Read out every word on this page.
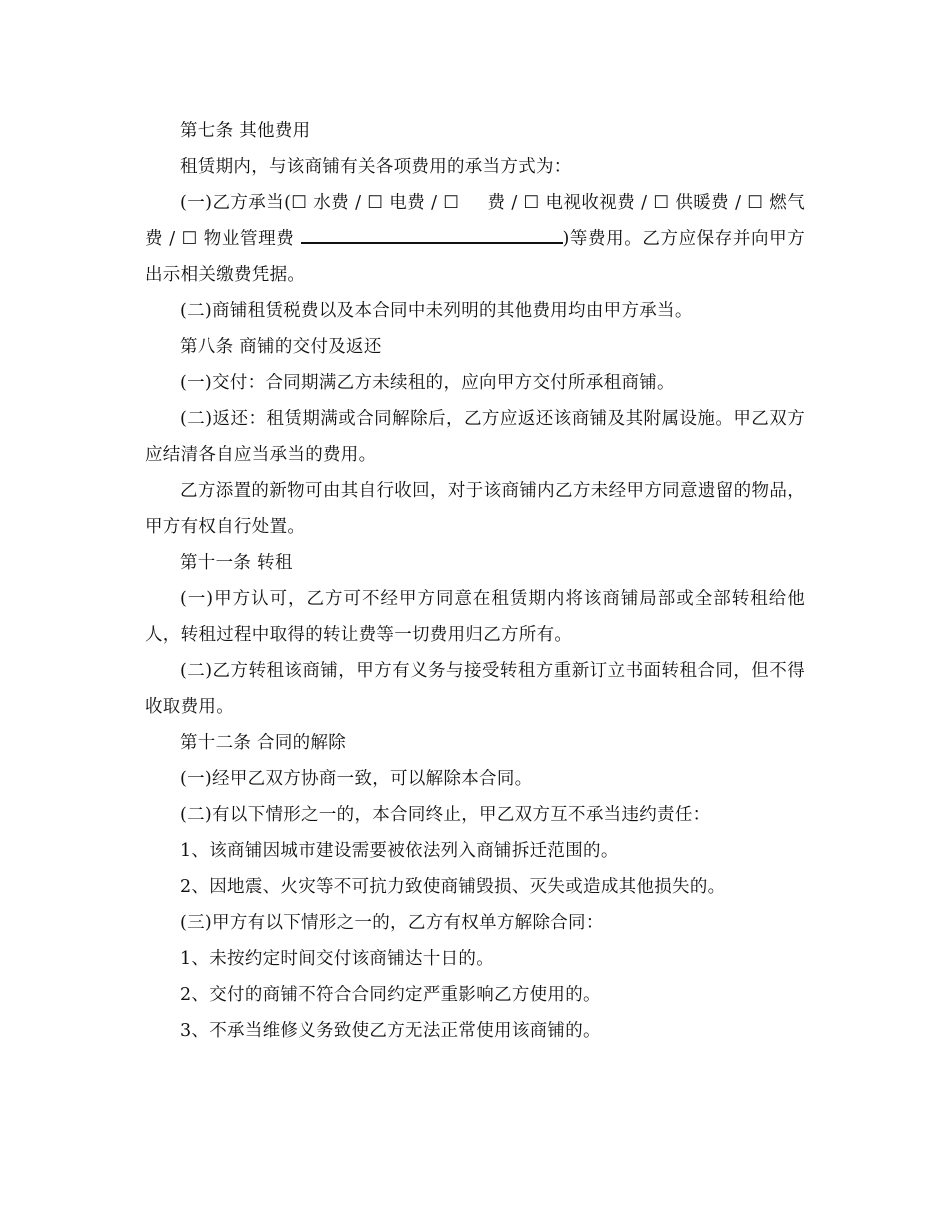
第七条 其他费用

租赁期内，与该商铺有关各项费用的承当方式为：

(一)乙方承当(☐ 水费 / ☐ 电费 / ☐ 费 / ☐ 电视收视费 / ☐ 供暖费 / ☐ 燃气费 / ☐ 物业管理费	)等费用。乙方应保存并向甲方出示相关缴费凭据。

(二)商铺租赁税费以及本合同中未列明的其他费用均由甲方承当。

第八条 商铺的交付及返还

(一)交付：合同期满乙方未续租的，应向甲方交付所承租商铺。

(二)返还：租赁期满或合同解除后，乙方应返还该商铺及其附属设施。甲乙双方应结清各自应当承当的费用。

乙方添置的新物可由其自行收回，对于该商铺内乙方未经甲方同意遗留的物品，甲方有权自行处置。

第十一条 转租

(一)甲方认可，乙方可不经甲方同意在租赁期内将该商铺局部或全部转租给他人，转租过程中取得的转让费等一切费用归乙方所有。

(二)乙方转租该商铺，甲方有义务与接受转租方重新订立书面转租合同，但不得收取费用。

第十二条 合同的解除

(一)经甲乙双方协商一致，可以解除本合同。

(二)有以下情形之一的，本合同终止，甲乙双方互不承当违约责任：

1、该商铺因城市建设需要被依法列入商铺拆迁范围的。

2、因地震、火灾等不可抗力致使商铺毁损、灭失或造成其他损失的。

(三)甲方有以下情形之一的，乙方有权单方解除合同：

1、未按约定时间交付该商铺达十日的。

2、交付的商铺不符合合同约定严重影响乙方使用的。

3、不承当维修义务致使乙方无法正常使用该商铺的。
